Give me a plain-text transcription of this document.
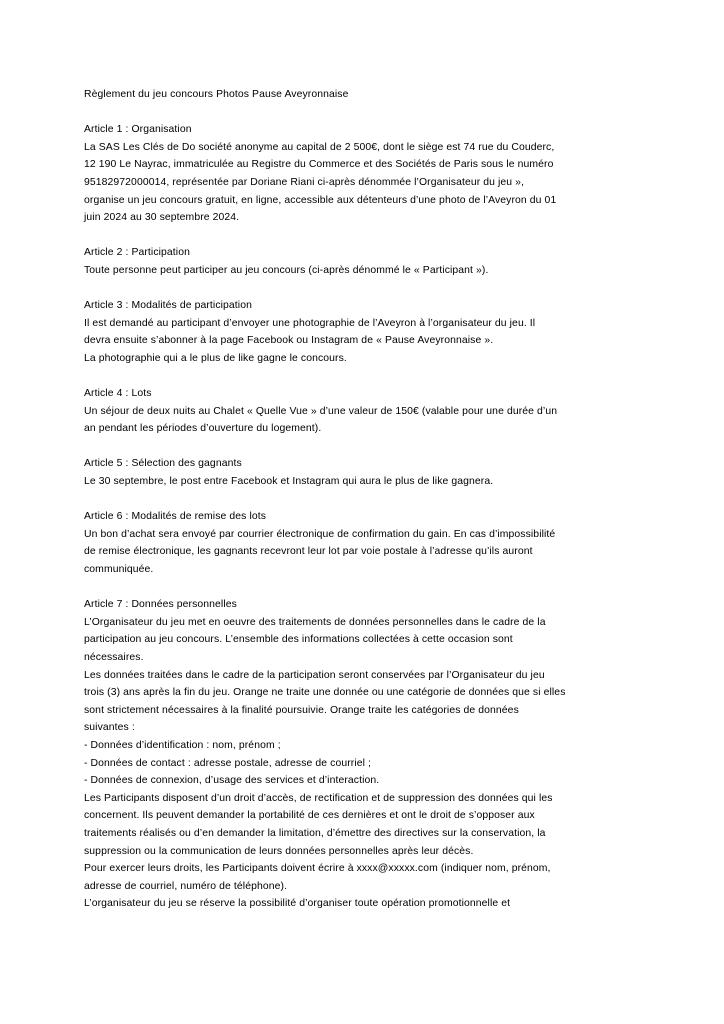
Règlement du jeu concours Photos Pause Aveyronnaise

Article 1 : Organisation
La SAS Les Clés de Do société anonyme au capital de 2 500€, dont le siège est 74 rue du Couderc,
12 190 Le Nayrac, immatriculée au Registre du Commerce et des Sociétés de Paris sous le numéro
95182972000014, représentée par Doriane Riani ci-après dénommée l’Organisateur du jeu »,
organise un jeu concours gratuit, en ligne, accessible aux détenteurs d’une photo de l’Aveyron du 01
juin 2024 au 30 septembre 2024.

Article 2 : Participation
Toute personne peut participer au jeu concours (ci-après dénommé le « Participant »).

Article 3 : Modalités de participation
Il est demandé au participant d’envoyer une photographie de l’Aveyron à l’organisateur du jeu. Il
devra ensuite s’abonner à la page Facebook ou Instagram de « Pause Aveyronnaise ».
La photographie qui a le plus de like gagne le concours.

Article 4 : Lots
Un séjour de deux nuits au Chalet « Quelle Vue » d’une valeur de 150€ (valable pour une durée d’un
an pendant les périodes d’ouverture du logement).

Article 5 : Sélection des gagnants
Le 30 septembre, le post entre Facebook et Instagram qui aura le plus de like gagnera.

Article 6 : Modalités de remise des lots
Un bon d’achat sera envoyé par courrier électronique de confirmation du gain. En cas d’impossibilité
de remise électronique, les gagnants recevront leur lot par voie postale à l’adresse qu’ils auront
communiquée.

Article 7 : Données personnelles
L’Organisateur du jeu met en oeuvre des traitements de données personnelles dans le cadre de la
participation au jeu concours. L’ensemble des informations collectées à cette occasion sont
nécessaires.
Les données traitées dans le cadre de la participation seront conservées par l’Organisateur du jeu
trois (3) ans après la fin du jeu. Orange ne traite une donnée ou une catégorie de données que si elles
sont strictement nécessaires à la finalité poursuivie. Orange traite les catégories de données
suivantes :
- Données d’identification : nom, prénom ;
- Données de contact : adresse postale, adresse de courriel ;
- Données de connexion, d’usage des services et d’interaction.
Les Participants disposent d’un droit d’accès, de rectification et de suppression des données qui les
concernent. Ils peuvent demander la portabilité de ces dernières et ont le droit de s’opposer aux
traitements réalisés ou d’en demander la limitation, d’émettre des directives sur la conservation, la
suppression ou la communication de leurs données personnelles après leur décès.
Pour exercer leurs droits, les Participants doivent écrire à xxxx@xxxxx.com (indiquer nom, prénom,
adresse de courriel, numéro de téléphone).
L’organisateur du jeu se réserve la possibilité d’organiser toute opération promotionnelle et
